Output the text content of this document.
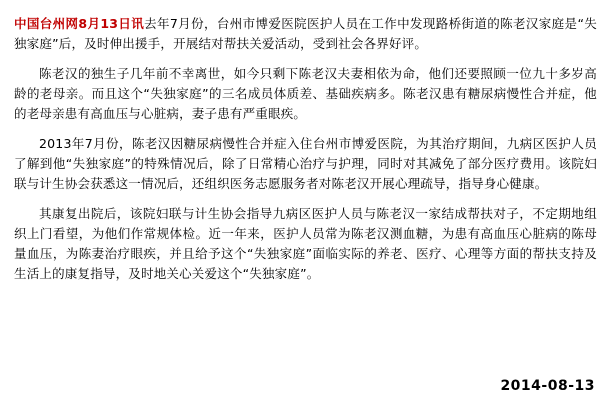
中国台州网8月13日讯去年7月份，台州市博爱医院医护人员在工作中发现路桥街道的陈老汉家庭是“失独家庭”后，及时伸出援手，开展结对帮扶关爱活动，受到社会各界好评。

陈老汉的独生子几年前不幸离世，如今只剩下陈老汉夫妻相依为命，他们还要照顾一位九十多岁高龄的老母亲。而且这个“失独家庭”的三名成员体质差、基础疾病多。陈老汉患有糖尿病慢性合并症，他的老母亲患有高血压与心脏病，妻子患有严重眼疾。

2013年7月份，陈老汉因糖尿病慢性合并症入住台州市博爱医院，为其治疗期间，九病区医护人员了解到他“失独家庭”的特殊情况后，除了日常精心治疗与护理，同时对其减免了部分医疗费用。该院妇联与计生协会获悉这一情况后，还组织医务志愿服务者对陈老汉开展心理疏导，指导身心健康。

其康复出院后，该院妇联与计生协会指导九病区医护人员与陈老汉一家结成帮扶对子，不定期地组织上门看望，为他们作常规体检。近一年来，医护人员常为陈老汉测血糖，为患有高血压心脏病的陈母量血压，为陈妻治疗眼疾，并且给予这个“失独家庭”面临实际的养老、医疗、心理等方面的帮扶支持及生活上的康复指导，及时地关心关爱这个“失独家庭”。

2014-08-13
